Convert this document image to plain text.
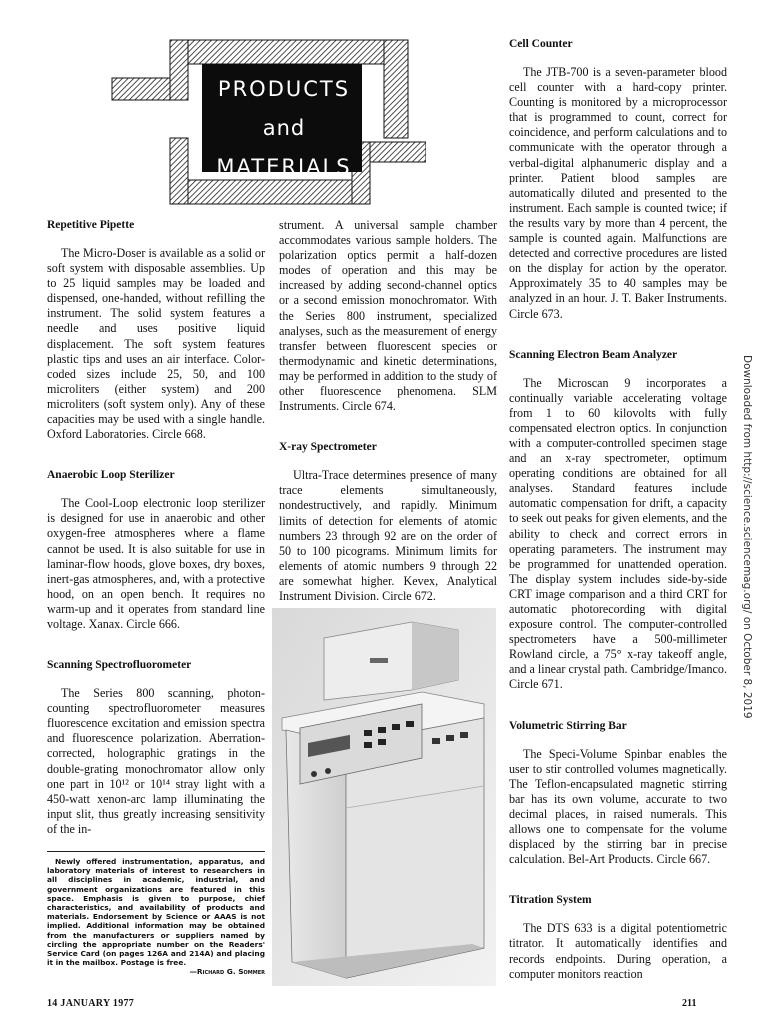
PRODUCTS
and
MATERIALS
Repetitive Pipette

The Micro-Doser is available as a solid or soft system with disposable assemblies. Up to 25 liquid samples may be loaded and dispensed, one-handed, without refilling the instrument. The solid system features a needle and uses positive liquid displacement. The soft system features plastic tips and uses an air interface. Color-coded sizes include 25, 50, and 100 microliters (either system) and 200 microliters (soft system only). Any of these capacities may be used with a single handle. Oxford Laboratories. Circle 668.

Anaerobic Loop Sterilizer

The Cool-Loop electronic loop sterilizer is designed for use in anaerobic and other oxygen-free atmospheres where a flame cannot be used. It is also suitable for use in laminar-flow hoods, glove boxes, dry boxes, inert-gas atmospheres, and, with a protective hood, on an open bench. It requires no warm-up and it operates from standard line voltage. Xanax. Circle 666.

Scanning Spectrofluorometer

The Series 800 scanning, photon-counting spectrofluorometer measures fluorescence excitation and emission spectra and fluorescence polarization. Aberration-corrected, holographic gratings in the double-grating monochromator allow only one part in 10¹² or 10¹⁴ stray light with a 450-watt xenon-arc lamp illuminating the input slit, thus greatly increasing sensitivity of the in-

Newly offered instrumentation, apparatus, and laboratory materials of interest to researchers in all disciplines in academic, industrial, and government organizations are featured in this space. Emphasis is given to purpose, chief characteristics, and availability of products and materials. Endorsement by Science or AAAS is not implied. Additional information may be obtained from the manufacturers or suppliers named by circling the appropriate number on the Readers' Service Card (on pages 126A and 214A) and placing it in the mailbox. Postage is free.

—Richard G. Sommer

strument. A universal sample chamber accommodates various sample holders. The polarization optics permit a half-dozen modes of operation and this may be increased by adding second-channel optics or a second emission monochromator. With the Series 800 instrument, specialized analyses, such as the measurement of energy transfer between fluorescent species or thermodynamic and kinetic determinations, may be performed in addition to the study of other fluorescence phenomena. SLM Instruments. Circle 674.

X-ray Spectrometer

Ultra-Trace determines presence of many trace elements simultaneously, nondestructively, and rapidly. Minimum limits of detection for elements of atomic numbers 23 through 92 are on the order of 50 to 100 picograms. Minimum limits for elements of atomic numbers 9 through 22 are somewhat higher. Kevex, Analytical Instrument Division. Circle 672.

Cell Counter

The JTB-700 is a seven-parameter blood cell counter with a hard-copy printer. Counting is monitored by a microprocessor that is programmed to count, correct for coincidence, and perform calculations and to communicate with the operator through a verbal-digital alphanumeric display and a printer. Patient blood samples are automatically diluted and presented to the instrument. Each sample is counted twice; if the results vary by more than 4 percent, the sample is counted again. Malfunctions are detected and corrective procedures are listed on the display for action by the operator. Approximately 35 to 40 samples may be analyzed in an hour. J. T. Baker Instruments. Circle 673.

Scanning Electron Beam Analyzer

The Microscan 9 incorporates a continually variable accelerating voltage from 1 to 60 kilovolts with fully compensated electron optics. In conjunction with a computer-controlled specimen stage and an x-ray spectrometer, optimum operating conditions are obtained for all analyses. Standard features include automatic compensation for drift, a capacity to seek out peaks for given elements, and the ability to check and correct errors in operating parameters. The instrument may be programmed for unattended operation. The display system includes side-by-side CRT image comparison and a third CRT for automatic photorecording with digital exposure control. The computer-controlled spectrometers have a 500-millimeter Rowland circle, a 75° x-ray takeoff angle, and a linear crystal path. Cambridge/Imanco. Circle 671.

Volumetric Stirring Bar

The Speci-Volume Spinbar enables the user to stir controlled volumes magnetically. The Teflon-encapsulated magnetic stirring bar has its own volume, accurate to two decimal places, in raised numerals. This allows one to compensate for the volume displaced by the stirring bar in precise calculation. Bel-Art Products. Circle 667.

Titration System

The DTS 633 is a digital potentiometric titrator. It automatically identifies and records endpoints. During operation, a computer monitors reaction

Downloaded from http://science.sciencemag.org/ on October 8, 2019
14 JANUARY 1977	211
